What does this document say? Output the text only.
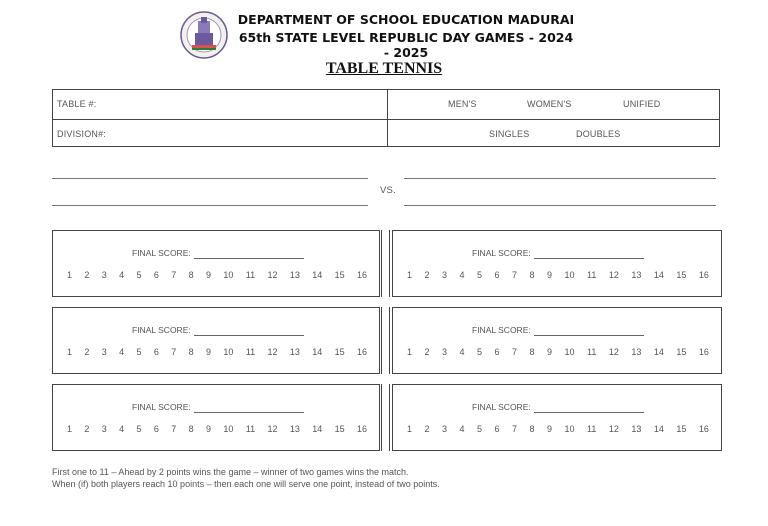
DEPARTMENT OF SCHOOL EDUCATION MADURAI
65th STATE LEVEL REPUBLIC DAY GAMES - 2024 - 2025
TABLE TENNIS
TABLE #:	MEN'S	WOMEN'S	UNIFIED
DIVISION#:	SINGLES	DOUBLES
VS.
FINAL SCORE:
1 2 3 4 5 6 7 8 9 10 11 12 13 14 15 16
FINAL SCORE:
1 2 3 4 5 6 7 8 9 10 11 12 13 14 15 16
FINAL SCORE:
1 2 3 4 5 6 7 8 9 10 11 12 13 14 15 16
FINAL SCORE:
1 2 3 4 5 6 7 8 9 10 11 12 13 14 15 16
FINAL SCORE:
1 2 3 4 5 6 7 8 9 10 11 12 13 14 15 16
FINAL SCORE:
1 2 3 4 5 6 7 8 9 10 11 12 13 14 15 16
First one to 11 – Ahead by 2 points wins the game – winner of two games wins the match.
When (if) both players reach 10 points – then each one will serve one point, instead of two points.
